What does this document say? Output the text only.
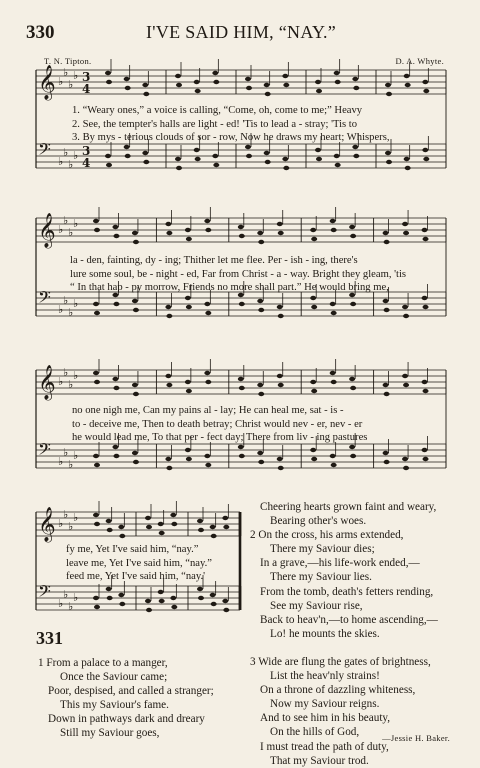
330	I'VE SAID HIM, “NAY.”
T. N. Tipton.	D. A. Whyte.
𝄞 ♭
♭
♭
♭ 3
4
𝄢 ♭
♭
♭
♭ 3
4
1. “Weary ones,” a voice is calling, “Come, oh, come to me;” Heavy
2. See, the tempter's halls are light - ed! 'Tis to lead a - stray; 'Tis to
3. By mys - terious clouds of sor - row, Now he draws my heart; Whispers,
𝄞 ♭
♭
♭
♭
𝄢 ♭
♭
♭
♭
la - den, fainting, dy - ing; Thither let me flee. Per - ish - ing, there's
lure some soul, be - night - ed, Far from Christ - a - way. Bright they gleam, 'tis
“ In that hap - py morrow, Friends no more shall part.” He would bring me,
𝄞 ♭
♭
♭
♭
𝄢 ♭
♭
♭
♭
no one nigh me, Can my pains al - lay; He can heal me, sat - is -
to - deceive me, Then to death betray; Christ would nev - er, nev - er
he would lead me, To that per - fect day; There from liv - ing pastures
𝄞 ♭
♭
♭
♭
𝄢 ♭
♭
♭
♭
fy me, Yet I've said him, “nay.”
leave me, Yet I've said him, “nay.”
feed me, Yet I've said him, “nay.'
Cheering hearts grown faint and weary,
Bearing other's woes.
2 On the cross, his arms extended,
There my Saviour dies;
In a grave,—his life-work ended,—
There my Saviour lies.
From the tomb, death's fetters rending,
See my Saviour rise,
Back to heav'n,—to home ascending,—
Lo! he mounts the skies.
3 Wide are flung the gates of brightness,
List the heav'nly strains!
On a throne of dazzling whiteness,
Now my Saviour reigns.
And to see him in his beauty,
On the hills of God,
I must tread the path of duty,
That my Saviour trod.
331
1 From a palace to a manger,
Once the Saviour came;
Poor, despised, and called a stranger;
This my Saviour's fame.
Down in pathways dark and dreary
Still my Saviour goes,	—Jessie H. Baker.
